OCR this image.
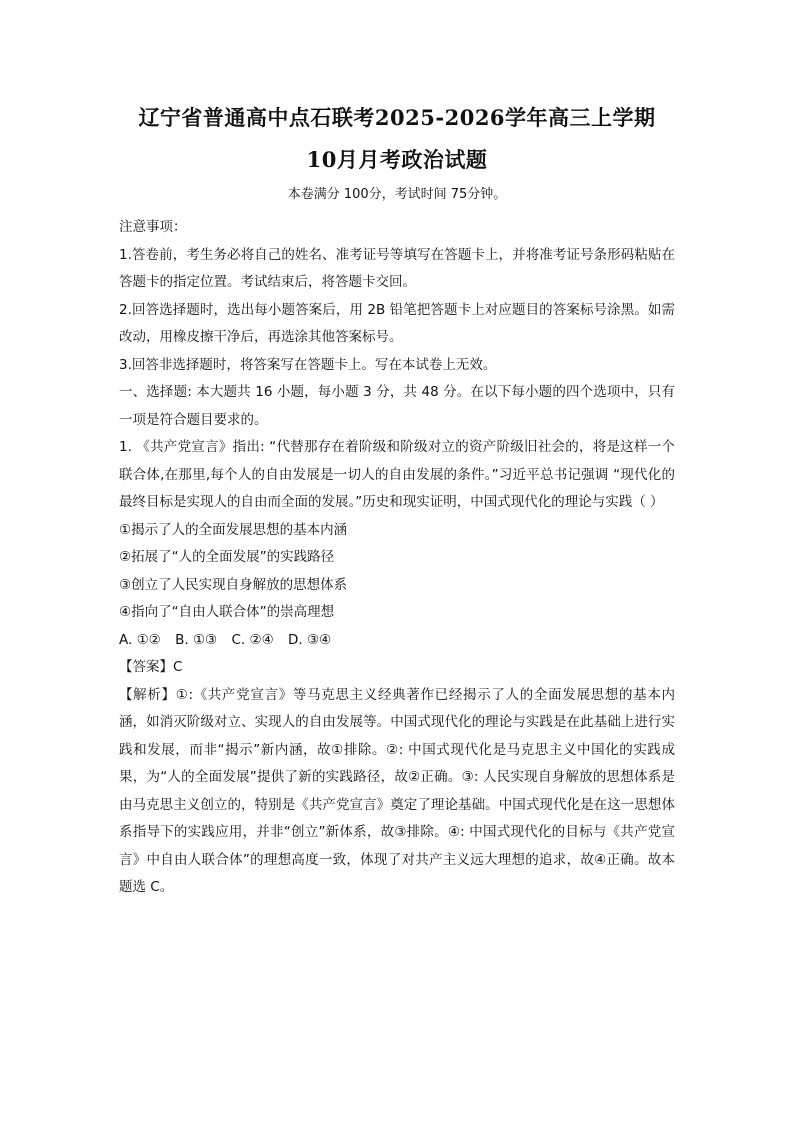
辽宁省普通高中点石联考2025-2026学年高三上学期
10月月考政治试题
本卷满分 100分，考试时间 75分钟。

注意事项：

1.答卷前，考生务必将自己的姓名、准考证号等填写在答题卡上，并将准考证号条形码粘贴在答题卡的指定位置。考试结束后，将答题卡交回。

2.回答选择题时，选出每小题答案后，用 2B 铅笔把答题卡上对应题目的答案标号涂黑。如需改动，用橡皮擦干净后，再选涂其他答案标号。

3.回答非选择题时，将答案写在答题卡上。写在本试卷上无效。

一、选择题: 本大题共 16 小题，每小题 3 分，共 48 分。在以下每小题的四个选项中，只有一项是符合题目要求的。

1. 《共产党宣言》指出: “代替那存在着阶级和阶级对立的资产阶级旧社会的，将是这样一个联合体,在那里,每个人的自由发展是一切人的自由发展的条件。”习近平总书记强调 “现代化的最终目标是实现人的自由而全面的发展。”历史和现实证明，中国式现代化的理论与实践（ ）

①揭示了人的全面发展思想的基本内涵

②拓展了“人的全面发展”的实践路径

③创立了人民实现自身解放的思想体系

④指向了“自由人联合体”的崇高理想

A. ①② B. ①③ C. ②④ D. ③④

【答案】C

【解析】①:《共产党宣言》等马克思主义经典著作已经揭示了人的全面发展思想的基本内涵，如消灭阶级对立、实现人的自由发展等。中国式现代化的理论与实践是在此基础上进行实践和发展，而非“揭示”新内涵，故①排除。②: 中国式现代化是马克思主义中国化的实践成果，为“人的全面发展”提供了新的实践路径，故②正确。③: 人民实现自身解放的思想体系是由马克思主义创立的，特别是《共产党宣言》奠定了理论基础。中国式现代化是在这一思想体系指导下的实践应用，并非“创立”新体系，故③排除。④: 中国式现代化的目标与《共产党宣言》中自由人联合体”的理想高度一致，体现了对共产主义远大理想的追求，故④正确。故本题选 C。
